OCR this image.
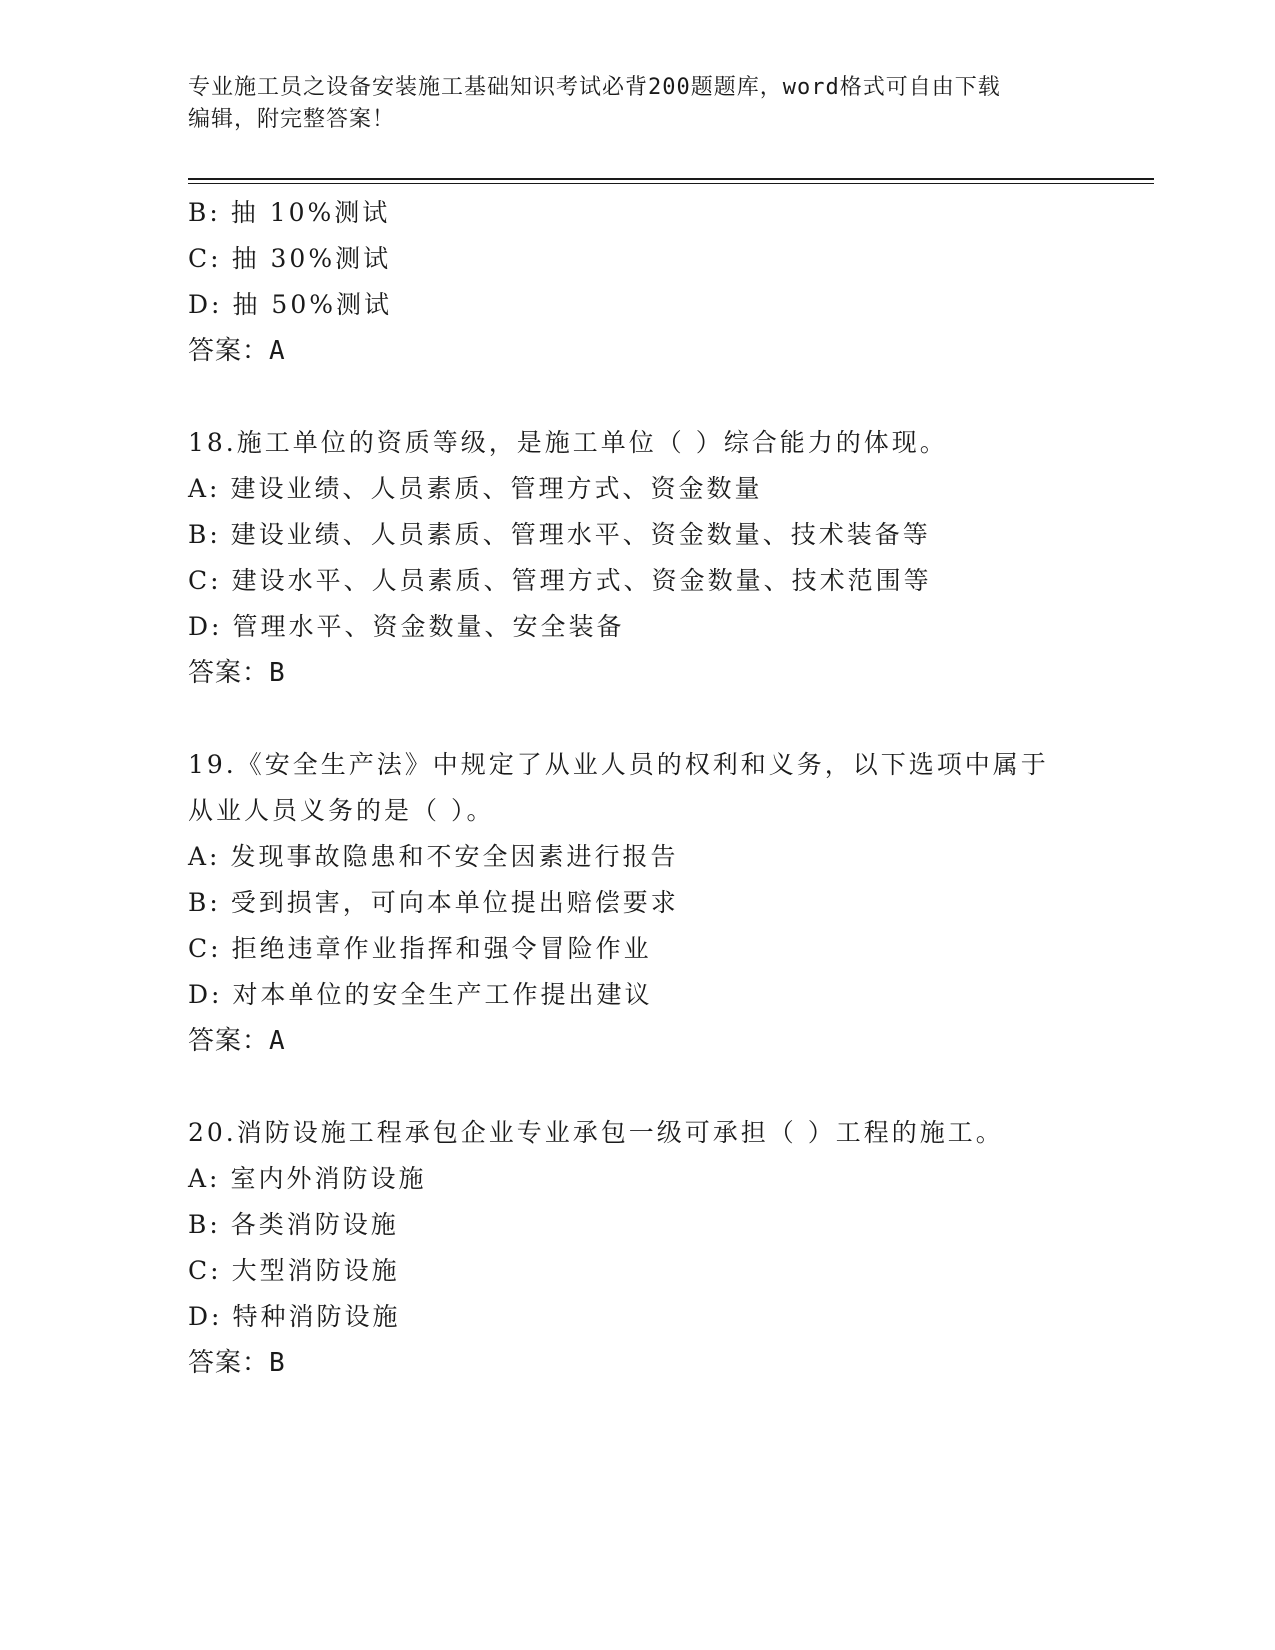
专业施工员之设备安装施工基础知识考试必背200题题库，word格式可自由下载
编辑，附完整答案！
B: 抽 10%测试
C: 抽 30%测试
D: 抽 50%测试
答案：A
18.施工单位的资质等级，是施工单位（ ）综合能力的体现。
A: 建设业绩、人员素质、管理方式、资金数量
B: 建设业绩、人员素质、管理水平、资金数量、技术装备等
C: 建设水平、人员素质、管理方式、资金数量、技术范围等
D: 管理水平、资金数量、安全装备
答案：B
19.《安全生产法》中规定了从业人员的权利和义务，以下选项中属于
从业人员义务的是（ ）。
A: 发现事故隐患和不安全因素进行报告
B: 受到损害，可向本单位提出赔偿要求
C: 拒绝违章作业指挥和强令冒险作业
D: 对本单位的安全生产工作提出建议
答案：A
20.消防设施工程承包企业专业承包一级可承担（ ）工程的施工。
A: 室内外消防设施
B: 各类消防设施
C: 大型消防设施
D: 特种消防设施
答案：B
